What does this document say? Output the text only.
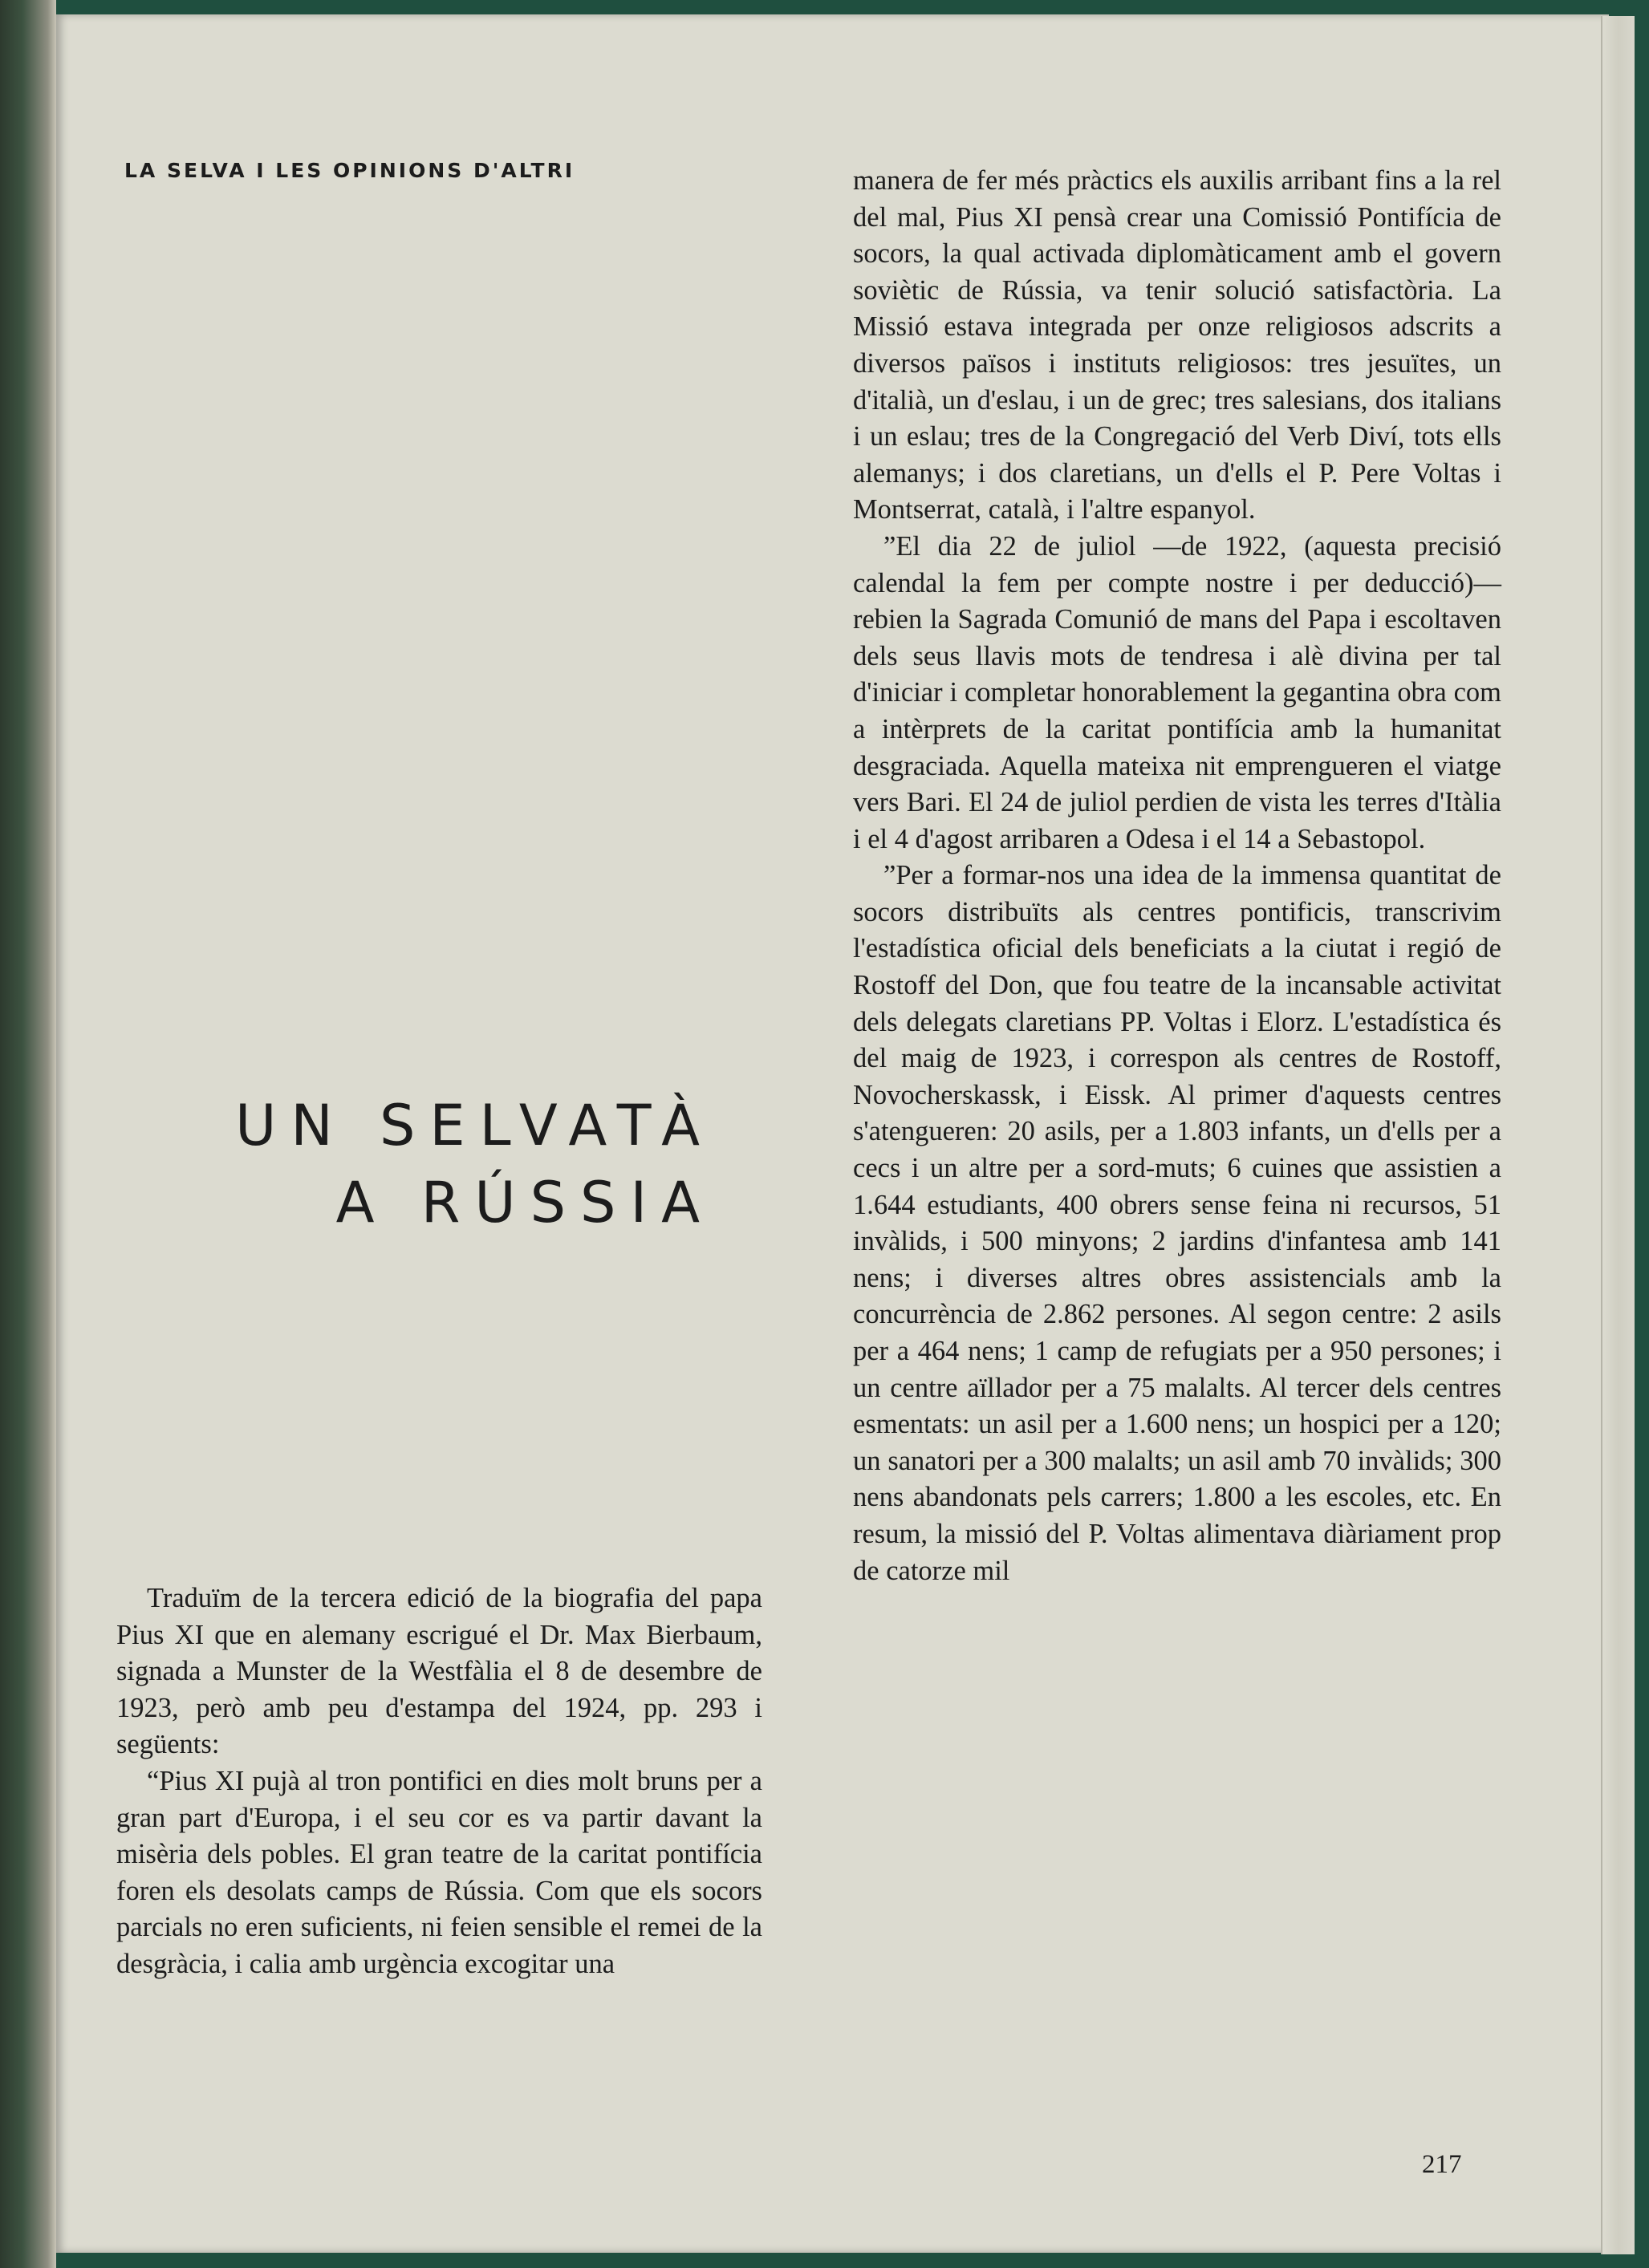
LA SELVA I LES OPINIONS D'ALTRI
UN SELVATÀ
A RÚSSIA

Traduïm de la tercera edició de la biografia del papa Pius XI que en alemany escrigué el Dr. Max Bierbaum, signada a Munster de la Westfàlia el 8 de desembre de 1923, però amb peu d'estampa del 1924, pp. 293 i següents:

“Pius XI pujà al tron pontifici en dies molt bruns per a gran part d'Europa, i el seu cor es va partir davant la misèria dels pobles. El gran teatre de la caritat pontifícia foren els desolats camps de Rússia. Com que els socors parcials no eren suficients, ni feien sensible el remei de la desgràcia, i calia amb urgència excogitar una

manera de fer més pràctics els auxilis arribant fins a la rel del mal, Pius XI pensà crear una Comissió Pontifícia de socors, la qual activada diplomàticament amb el govern soviètic de Rússia, va tenir solució satisfactòria. La Missió estava integrada per onze religiosos adscrits a diversos països i instituts religiosos: tres jesuïtes, un d'italià, un d'eslau, i un de grec; tres salesians, dos italians i un eslau; tres de la Congregació del Verb Diví, tots ells alemanys; i dos claretians, un d'ells el P. Pere Voltas i Montserrat, català, i l'altre espanyol.

”El dia 22 de juliol —de 1922, (aquesta precisió calendal la fem per compte nostre i per deducció)— rebien la Sagrada Comunió de mans del Papa i escoltaven dels seus llavis mots de tendresa i alè divina per tal d'iniciar i completar honorablement la gegantina obra com a intèrprets de la caritat pontifícia amb la humanitat desgraciada. Aquella mateixa nit emprengueren el viatge vers Bari. El 24 de juliol perdien de vista les terres d'Itàlia i el 4 d'agost arribaren a Odesa i el 14 a Sebastopol.

”Per a formar-nos una idea de la immensa quantitat de socors distribuïts als centres pontificis, transcrivim l'estadística oficial dels beneficiats a la ciutat i regió de Rostoff del Don, que fou teatre de la incansable activitat dels delegats claretians PP. Voltas i Elorz. L'estadística és del maig de 1923, i correspon als centres de Rostoff, Novocherskassk, i Eissk. Al primer d'aquests centres s'atengueren: 20 asils, per a 1.803 infants, un d'ells per a cecs i un altre per a sord-muts; 6 cuines que assistien a 1.644 estudiants, 400 obrers sense feina ni recursos, 51 invàlids, i 500 minyons; 2 jardins d'infantesa amb 141 nens; i diverses altres obres assistencials amb la concurrència de 2.862 persones. Al segon centre: 2 asils per a 464 nens; 1 camp de refugiats per a 950 persones; i un centre aïllador per a 75 malalts. Al tercer dels centres esmentats: un asil per a 1.600 nens; un hospici per a 120; un sanatori per a 300 malalts; un asil amb 70 invàlids; 300 nens abandonats pels carrers; 1.800 a les escoles, etc. En resum, la missió del P. Voltas alimentava diàriament prop de catorze mil

217
